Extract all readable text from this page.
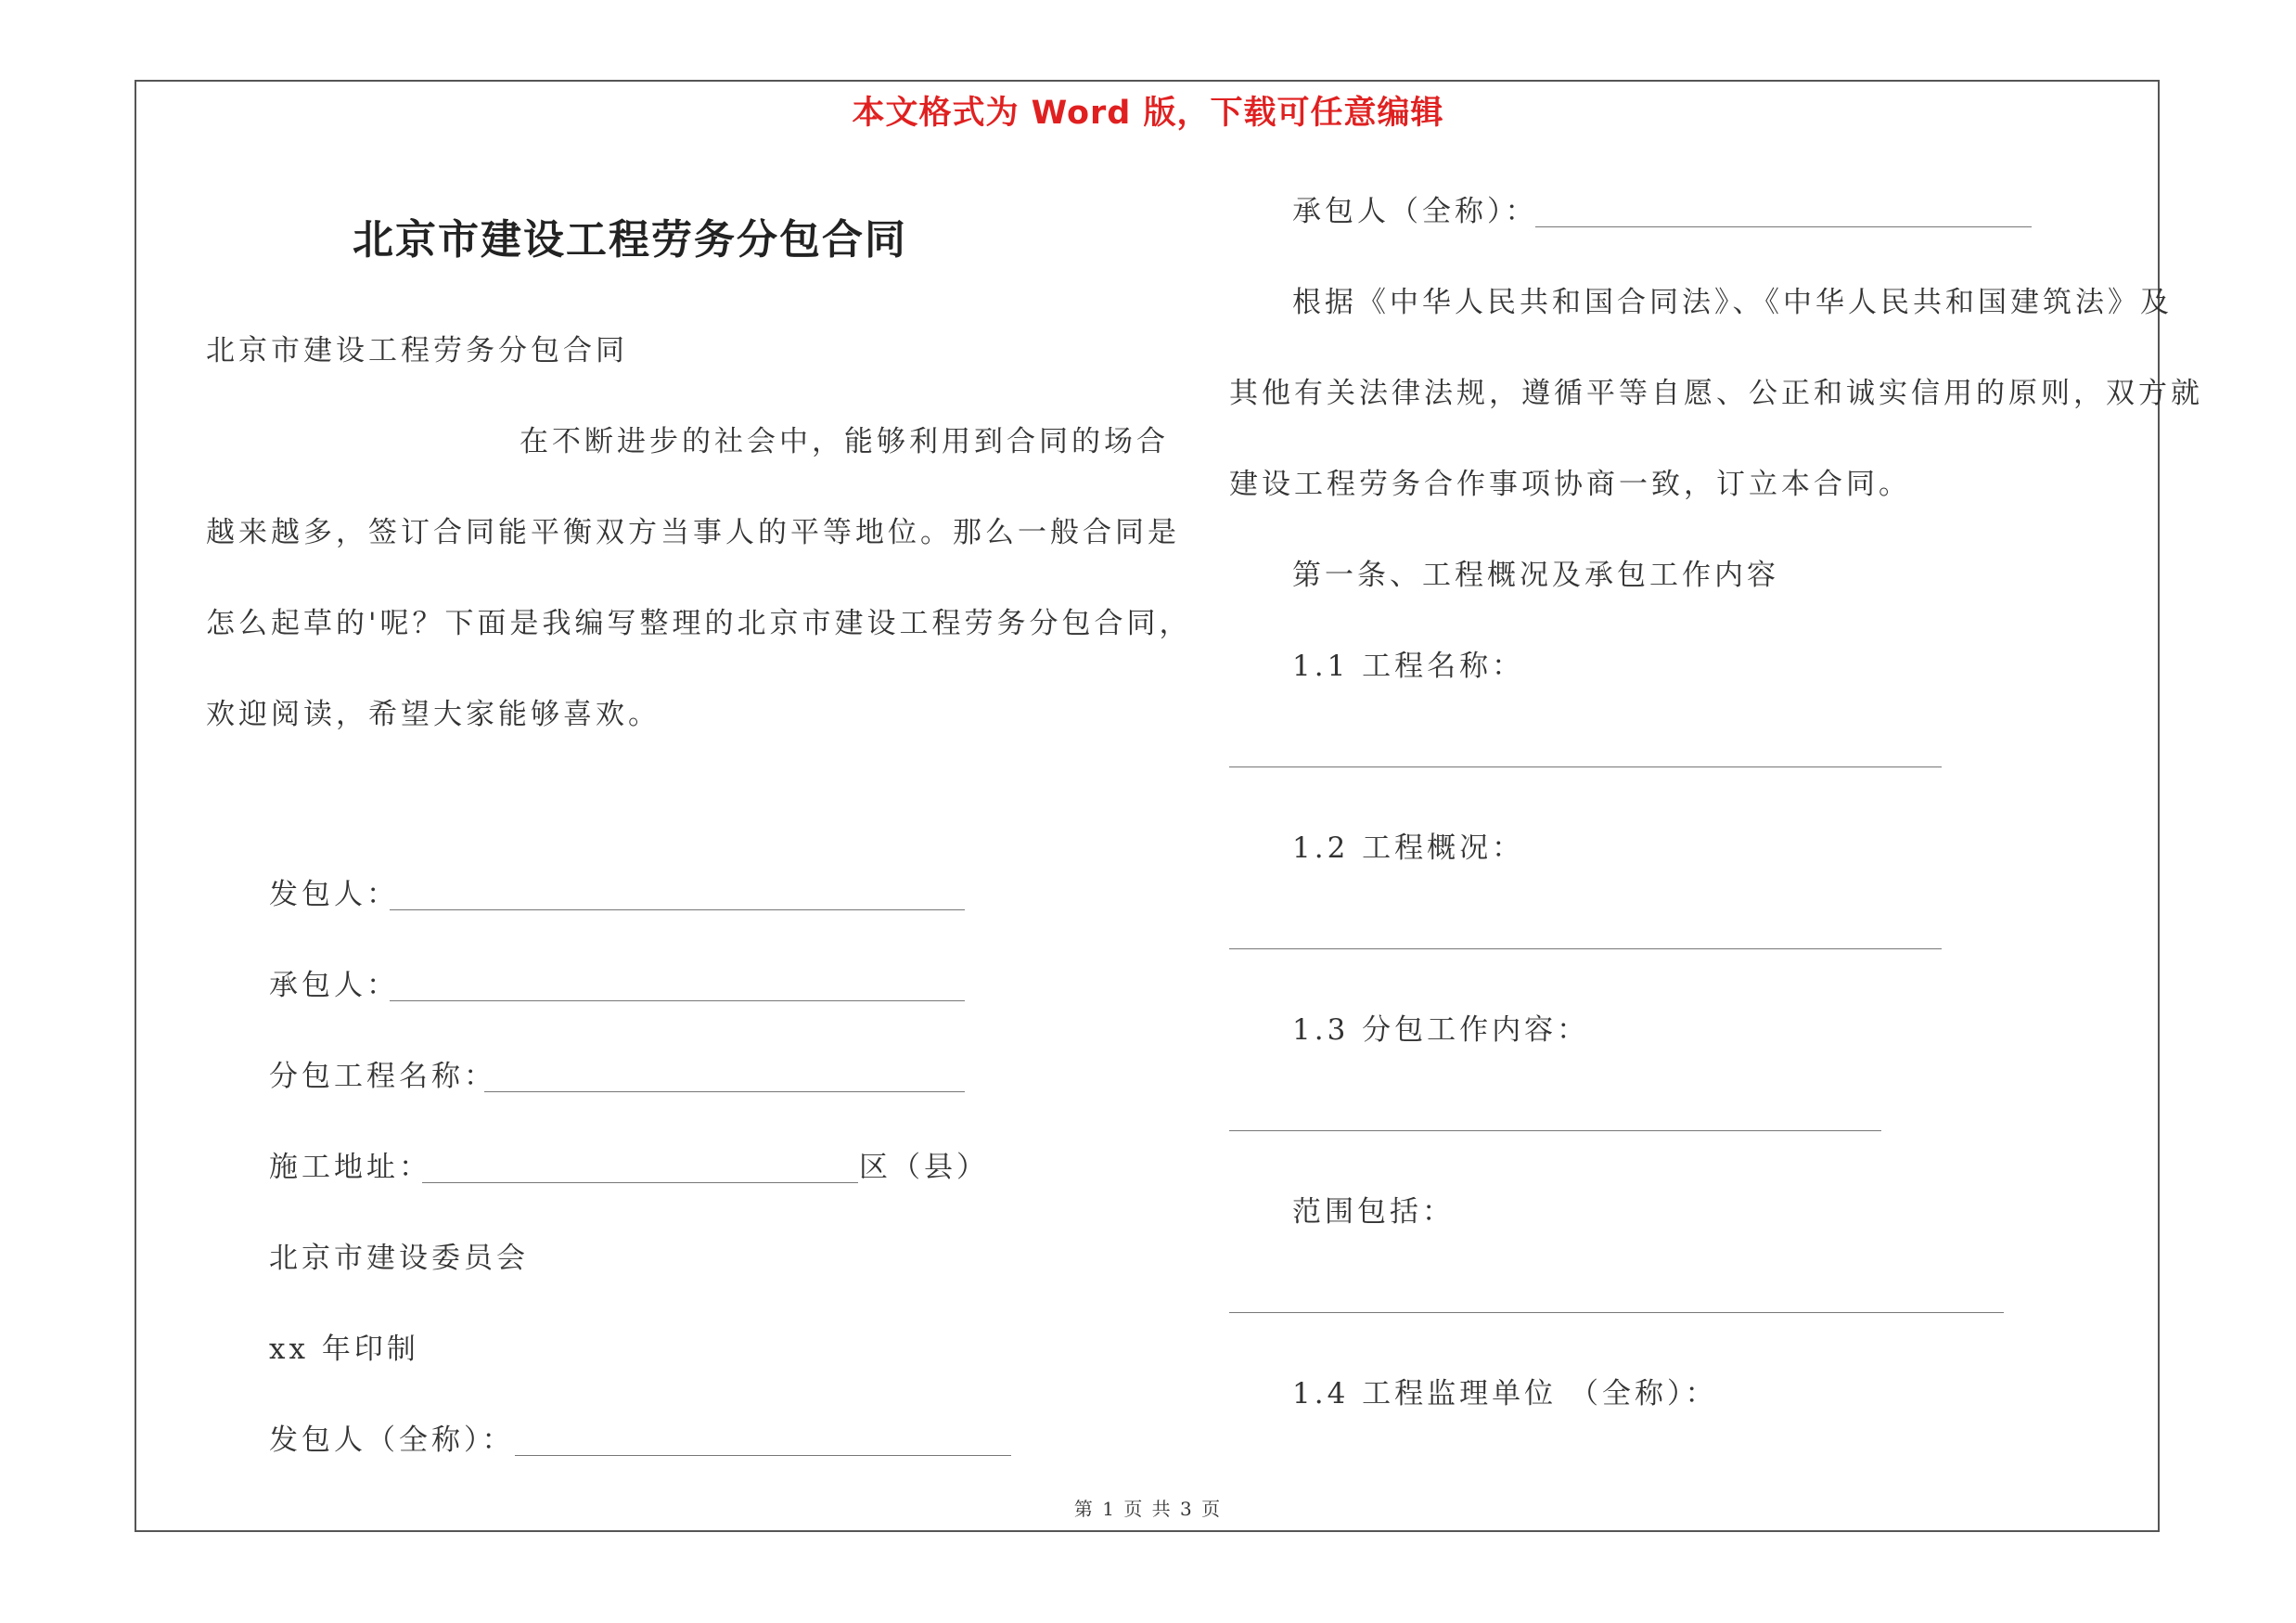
本文格式为 Word 版，下载可任意编辑
北京市建设工程劳务分包合同
北京市建设工程劳务分包合同
在不断进步的社会中，能够利用到合同的场合
越来越多，签订合同能平衡双方当事人的平等地位。那么一般合同是
怎么起草的'呢？下面是我编写整理的北京市建设工程劳务分包合同，
欢迎阅读，希望大家能够喜欢。
发包人：
承包人：
分包工程名称：
施工地址：	区（县）
北京市建设委员会
xx 年印制
发包人（全称）：
承包人（全称）：
根据《中华人民共和国合同法》、《中华人民共和国建筑法》及
其他有关法律法规，遵循平等自愿、公正和诚实信用的原则，双方就
建设工程劳务合作事项协商一致，订立本合同。
第一条、工程概况及承包工作内容
1.1 工程名称：
1.2 工程概况：
1.3 分包工作内容：
范围包括：
1.4 工程监理单位 （全称）：
第 1 页 共 3 页
